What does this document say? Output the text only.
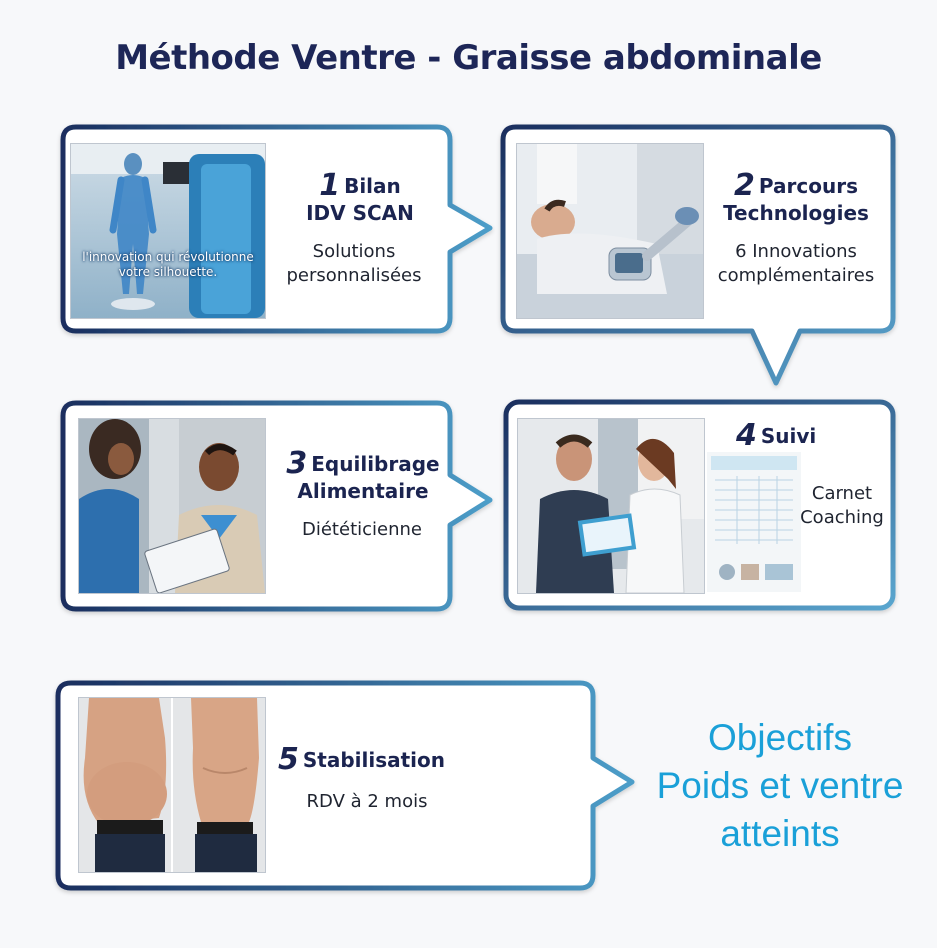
Méthode Ventre - Graisse abdominale
l'innovation qui révolutionne
votre silhouette.
1 Bilan
IDV SCAN
Solutions
personnalisées
2 Parcours
Technologies
6 Innovations
complémentaires
3 Equilibrage
Alimentaire
Diététicienne
4 Suivi
Carnet
Coaching
5 Stabilisation
RDV à 2 mois
Objectifs
Poids et ventre
atteints
